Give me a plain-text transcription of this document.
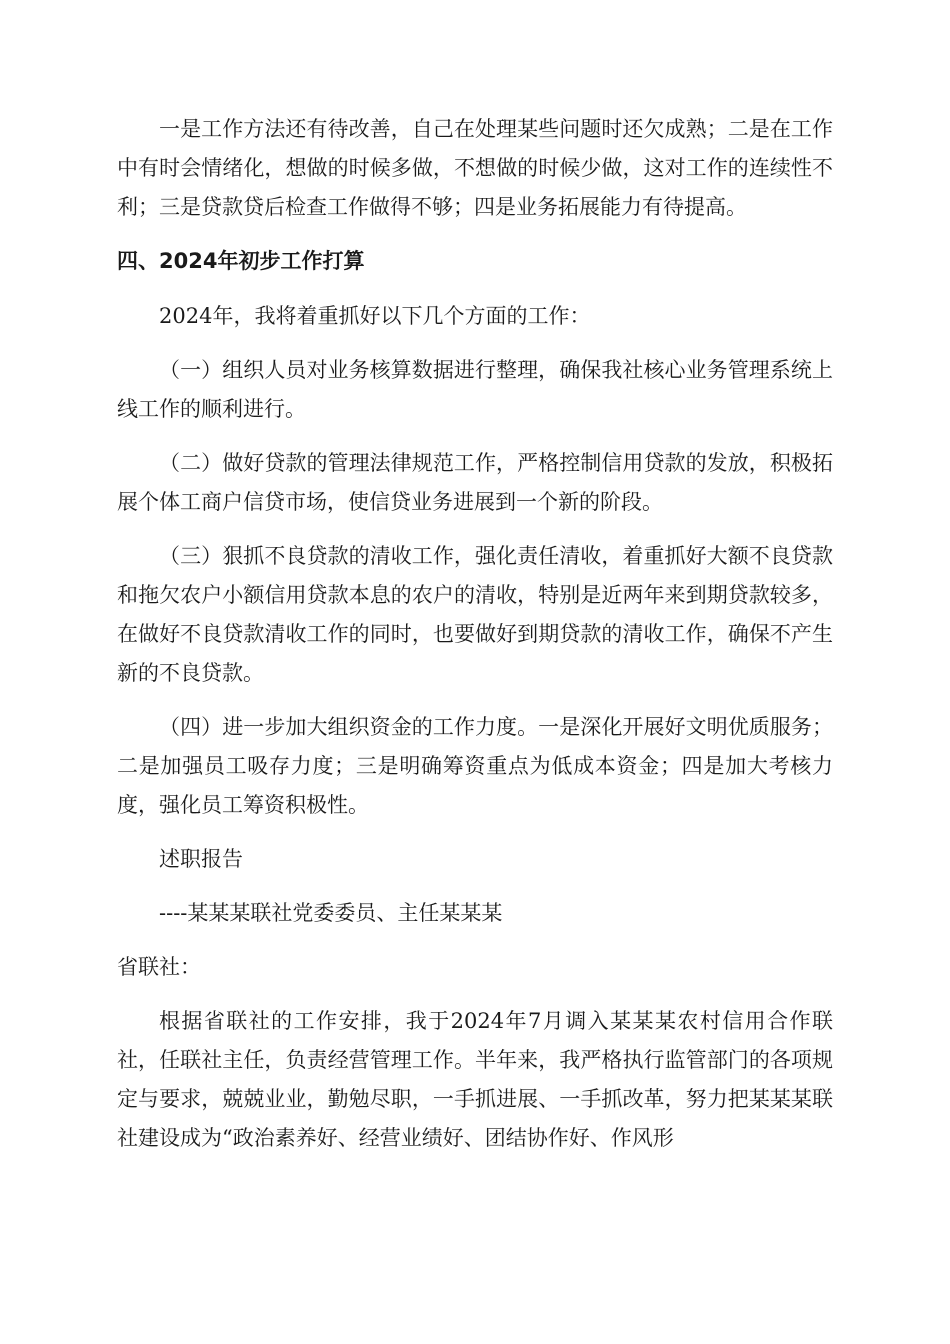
一是工作方法还有待改善，自己在处理某些问题时还欠成熟；二是在工作中有时会情绪化，想做的时候多做，不想做的时候少做，这对工作的连续性不利；三是贷款贷后检查工作做得不够；四是业务拓展能力有待提高。

四、2024年初步工作打算

2024年，我将着重抓好以下几个方面的工作：

（一）组织人员对业务核算数据进行整理，确保我社核心业务管理系统上线工作的顺利进行。

（二）做好贷款的管理法律规范工作，严格控制信用贷款的发放，积极拓展个体工商户信贷市场，使信贷业务进展到一个新的阶段。

（三）狠抓不良贷款的清收工作，强化责任清收，着重抓好大额不良贷款和拖欠农户小额信用贷款本息的农户的清收，特别是近两年来到期贷款较多，在做好不良贷款清收工作的同时，也要做好到期贷款的清收工作，确保不产生新的不良贷款。

（四）进一步加大组织资金的工作力度。一是深化开展好文明优质服务；二是加强员工吸存力度；三是明确筹资重点为低成本资金；四是加大考核力度，强化员工筹资积极性。

述职报告

----某某某联社党委委员、主任某某某

省联社：

根据省联社的工作安排，我于2024年7月调入某某某农村信用合作联社，任联社主任，负责经营管理工作。半年来，我严格执行监管部门的各项规定与要求，兢兢业业，勤勉尽职，一手抓进展、一手抓改革，努力把某某某联社建设成为“政治素养好、经营业绩好、团结协作好、作风形
